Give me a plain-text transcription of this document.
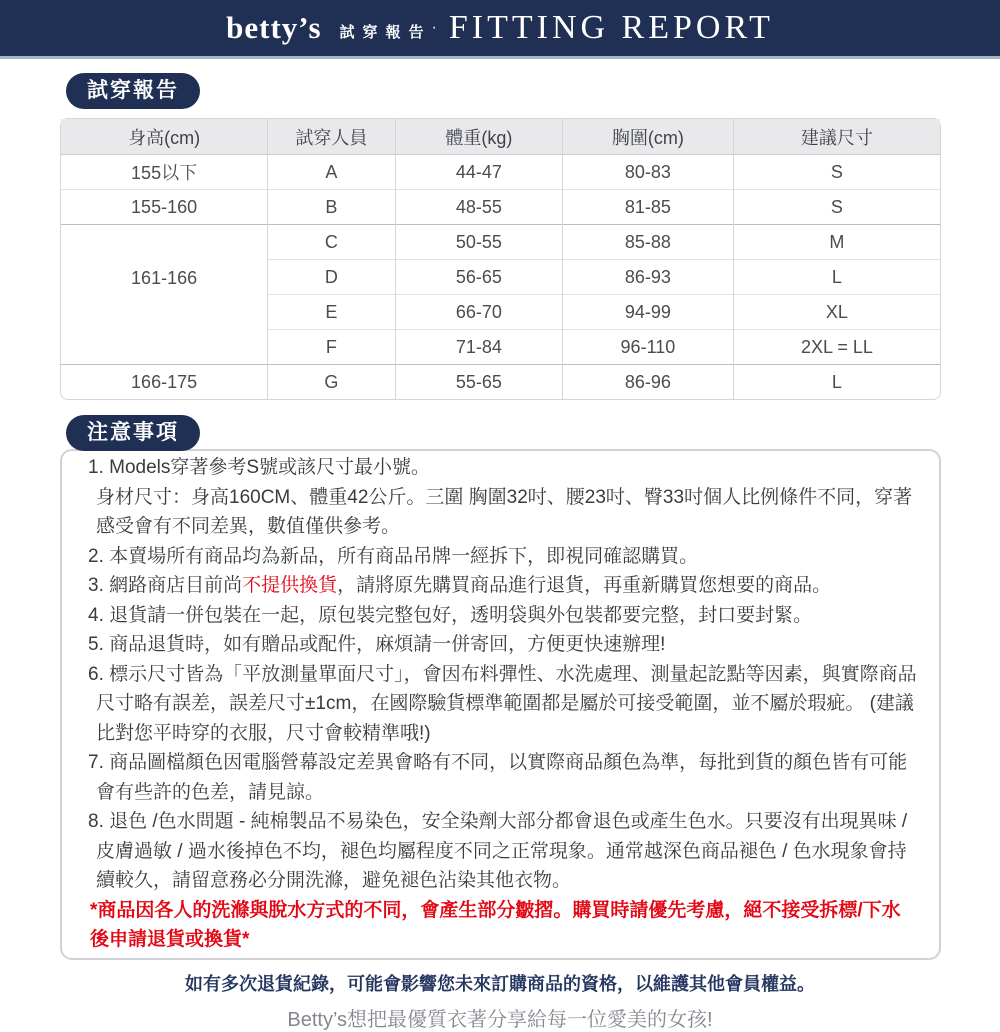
betty’s 試穿報告 · FITTING REPORT
試穿報告
身高(cm)	試穿人員	體重(kg)	胸圍(cm)	建議尺寸
155以下	A	44-47	80-83	S
155-160	B	48-55	81-85	S
161-166	C	50-55	85-88	M
	D	56-65	86-93	L
	E	66-70	94-99	XL
	F	71-84	96-110	2XL = LL
166-175	G	55-65	86-96	L
注意事項

1. Models穿著參考S號或該尺寸最小號。
身材尺寸：身高160CM、體重42公斤。三圍 胸圍32吋、腰23吋、臀33吋個人比例條件不同，穿著感受會有不同差異，數值僅供參考。

2. 本賣場所有商品均為新品，所有商品吊牌一經拆下，即視同確認購買。

3. 網路商店目前尚不提供換貨，請將原先購買商品進行退貨，再重新購買您想要的商品。

4. 退貨請一併包裝在一起，原包裝完整包好，透明袋與外包裝都要完整，封口要封緊。

5. 商品退貨時，如有贈品或配件，麻煩請一併寄回，方便更快速辦理!

6. 標示尺寸皆為「平放測量單面尺寸」，會因布料彈性、水洗處理、測量起訖點等因素，與實際商品尺寸略有誤差，誤差尺寸±1cm，在國際驗貨標準範圍都是屬於可接受範圍，並不屬於瑕疵。 (建議比對您平時穿的衣服，尺寸會較精準哦!)

7. 商品圖檔顏色因電腦營幕設定差異會略有不同，以實際商品顏色為準，每批到貨的顏色皆有可能會有些許的色差，請見諒。

8. 退色 /色水問題 - 純棉製品不易染色，安全染劑大部分都會退色或產生色水。只要沒有出現異味 /皮膚過敏 / 過水後掉色不均，褪色均屬程度不同之正常現象。通常越深色商品褪色 / 色水現象會持續較久，請留意務必分開洗滌，避免褪色沾染其他衣物。

*商品因各人的洗滌與脫水方式的不同，會產生部分皺摺。購買時請優先考慮，絕不接受拆標/下水後申請退貨或換貨*

如有多次退貨紀錄，可能會影響您未來訂購商品的資格，以維護其他會員權益。

Betty’s想把最優質衣著分享給每一位愛美的女孩!
